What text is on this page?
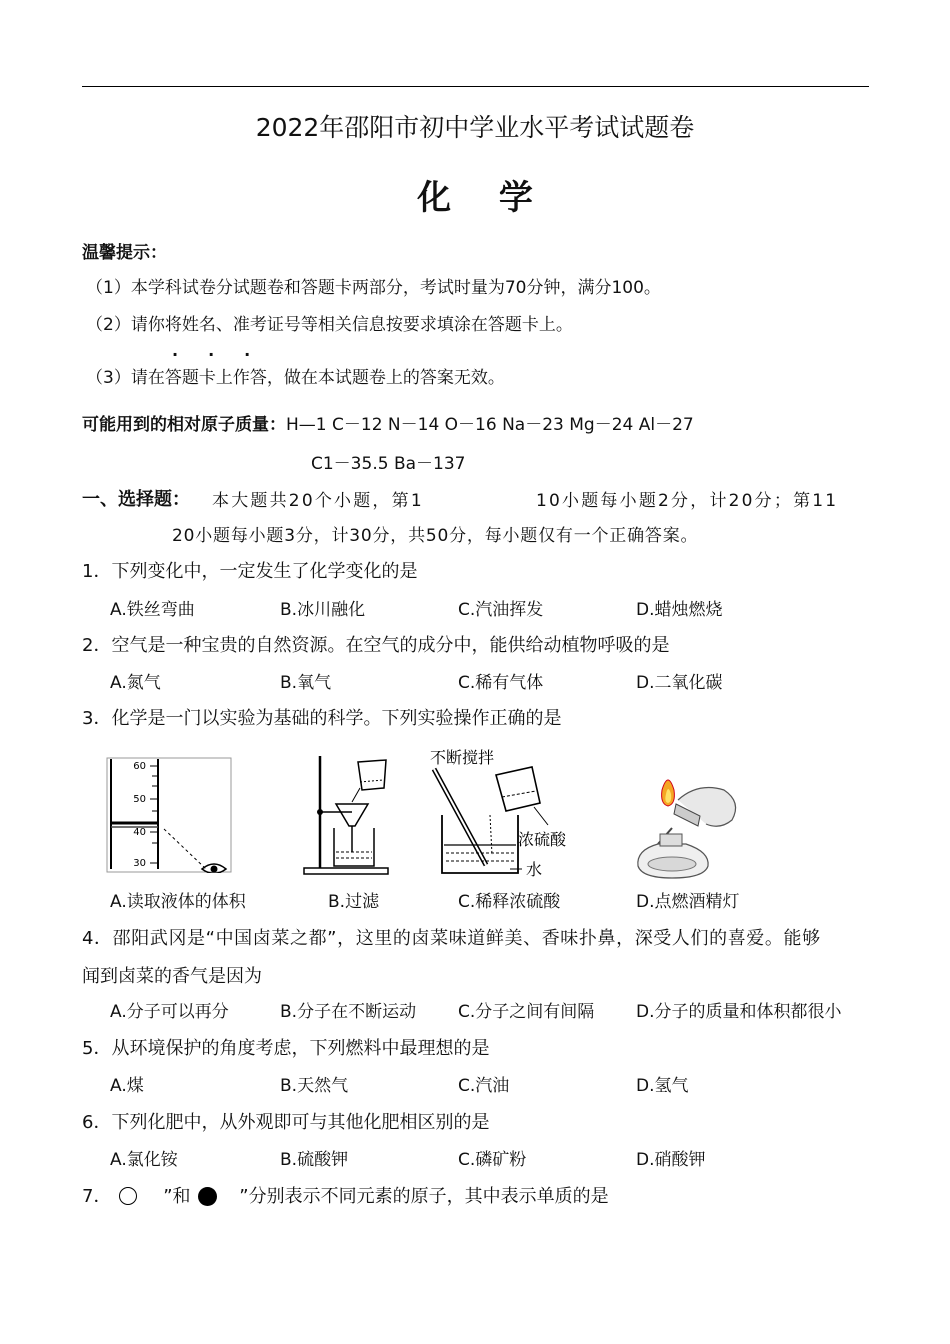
2022年邵阳市初中学业水平考试试题卷
化 学
温馨提示：
（1）本学科试卷分试题卷和答题卡两部分，考试时量为70分钟，满分100。
（2）请你将姓名、准考证号等相关信息按要求填涂在答题卡上。
···
（3）请在答题卡上作答，做在本试题卷上的答案无效。
可能用到的相对原子质量：H—1 C－12 N－14 O－16 Na－23 Mg－24 Al－27
C1－35.5 Ba－137
一、选择题： 本大题共20个小题，第1	10小题每小题2分，计20分；第11
20小题每小题3分，计30分，共50分，每小题仅有一个正确答案。
1．下列变化中，一定发生了化学变化的是
A.铁丝弯曲	B.冰川融化	C.汽油挥发	D.蜡烛燃烧
2．空气是一种宝贵的自然资源。在空气的成分中，能供给动植物呼吸的是
A.氮气	B.氧气	C.稀有气体	D.二氧化碳
3．化学是一门以实验为基础的科学。下列实验操作正确的是
60
50
40
30
不断搅拌
浓硫酸
水
A.读取液体的体积	B.过滤	C.稀释浓硫酸	D.点燃酒精灯
4．邵阳武冈是“中国卤菜之都”，这里的卤菜味道鲜美、香味扑鼻，深受人们的喜爱。能够
闻到卤菜的香气是因为
A.分子可以再分	B.分子在不断运动 C.分子之间有间隔 D.分子的质量和体积都很小
5．从环境保护的角度考虑，下列燃料中最理想的是
A.煤	B.天然气	C.汽油	D.氢气
6．下列化肥中，从外观即可与其他化肥相区别的是
A.氯化铵	B.硫酸钾	C.磷矿粉	D.硝酸钾
7．	”和	”分别表示不同元素的原子，其中表示单质的是
